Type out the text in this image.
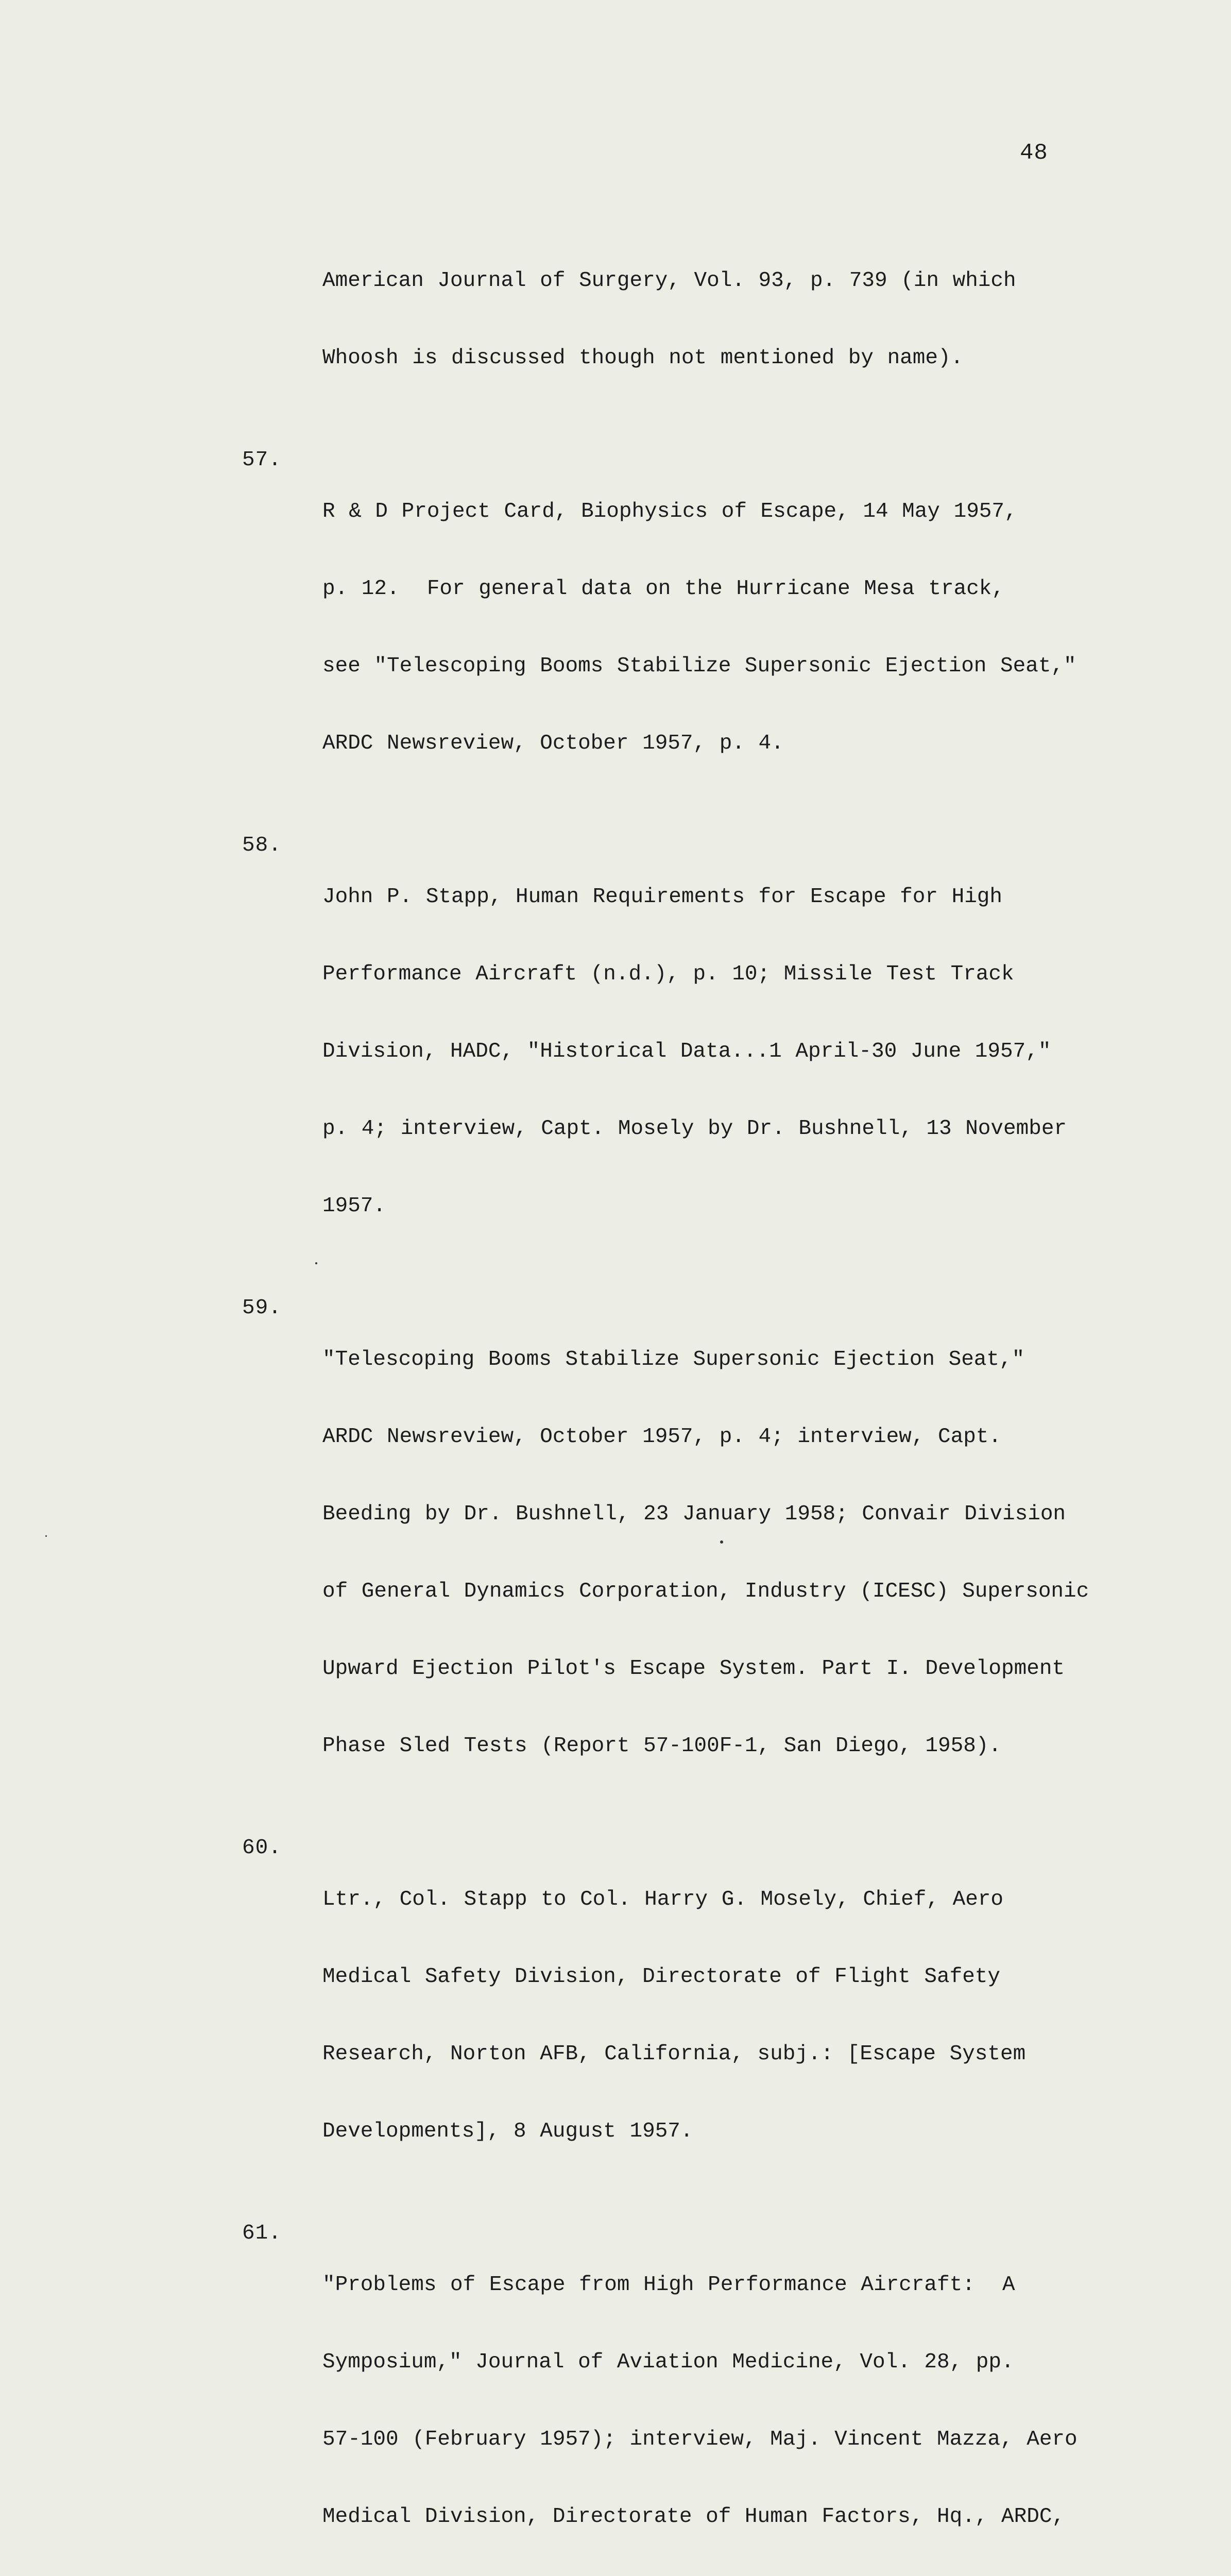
48

American Journal of Surgery, Vol. 93, p. 739 (in which

Whoosh is discussed though not mentioned by name).

57.

R & D Project Card, Biophysics of Escape, 14 May 1957,

p. 12.  For general data on the Hurricane Mesa track,

see "Telescoping Booms Stabilize Supersonic Ejection Seat,"

ARDC Newsreview, October 1957, p. 4.

58.

John P. Stapp, Human Requirements for Escape for High

Performance Aircraft (n.d.), p. 10; Missile Test Track

Division, HADC, "Historical Data...1 April-30 June 1957,"

p. 4; interview, Capt. Mosely by Dr. Bushnell, 13 November

1957.

59.

"Telescoping Booms Stabilize Supersonic Ejection Seat,"

ARDC Newsreview, October 1957, p. 4; interview, Capt.

Beeding by Dr. Bushnell, 23 January 1958; Convair Division

of General Dynamics Corporation, Industry (ICESC) Supersonic

Upward Ejection Pilot's Escape System. Part I. Development

Phase Sled Tests (Report 57-100F-1, San Diego, 1958).

60.

Ltr., Col. Stapp to Col. Harry G. Mosely, Chief, Aero

Medical Safety Division, Directorate of Flight Safety

Research, Norton AFB, California, subj.: [Escape System

Developments], 8 August 1957.

61.

"Problems of Escape from High Performance Aircraft:  A

Symposium," Journal of Aviation Medicine, Vol. 28, pp.

57-100 (February 1957); interview, Maj. Vincent Mazza, Aero

Medical Division, Directorate of Human Factors, Hq., ARDC,
